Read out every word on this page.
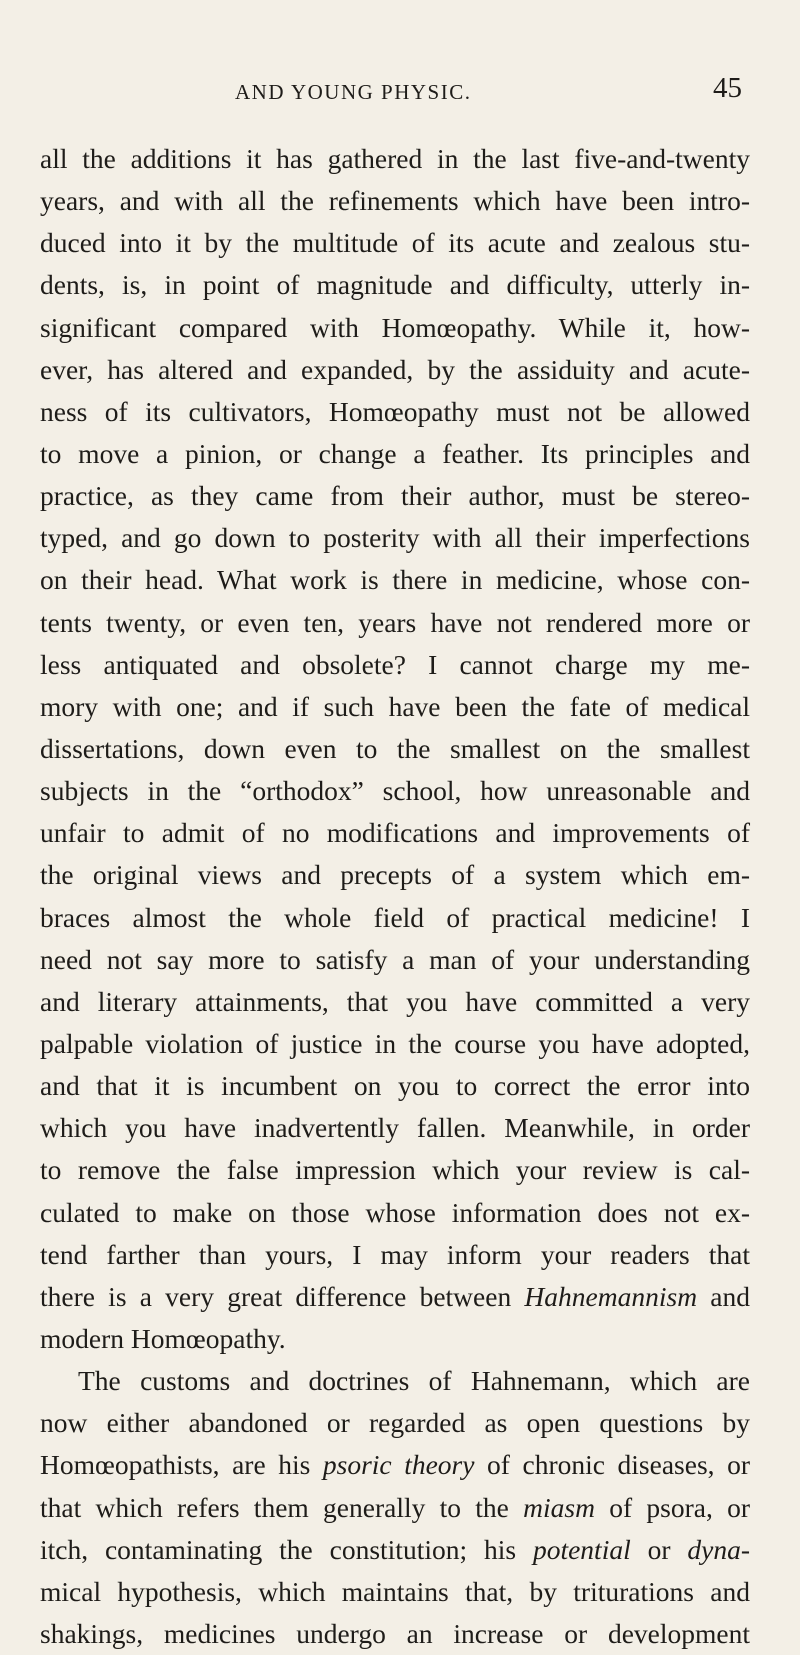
AND YOUNG PHYSIC.	45
all the additions it has gathered in the last five-and-twenty
years, and with all the refinements which have been intro-
duced into it by the multitude of its acute and zealous stu-
dents, is, in point of magnitude and difficulty, utterly in-
significant compared with Homœopathy. While it, how-
ever, has altered and expanded, by the assiduity and acute-
ness of its cultivators, Homœopathy must not be allowed
to move a pinion, or change a feather. Its principles and
practice, as they came from their author, must be stereo-
typed, and go down to posterity with all their imperfections
on their head. What work is there in medicine, whose con-
tents twenty, or even ten, years have not rendered more or
less antiquated and obsolete? I cannot charge my me-
mory with one; and if such have been the fate of medical
dissertations, down even to the smallest on the smallest
subjects in the “orthodox” school, how unreasonable and
unfair to admit of no modifications and improvements of
the original views and precepts of a system which em-
braces almost the whole field of practical medicine! I
need not say more to satisfy a man of your understanding
and literary attainments, that you have committed a very
palpable violation of justice in the course you have adopted,
and that it is incumbent on you to correct the error into
which you have inadvertently fallen. Meanwhile, in order
to remove the false impression which your review is cal-
culated to make on those whose information does not ex-
tend farther than yours, I may inform your readers that
there is a very great difference between Hahnemannism and
modern Homœopathy.
The customs and doctrines of Hahnemann, which are
now either abandoned or regarded as open questions by
Homœopathists, are his psoric theory of chronic diseases, or
that which refers them generally to the miasm of psora, or
itch, contaminating the constitution; his potential or dyna-
mical hypothesis, which maintains that, by triturations and
shakings, medicines undergo an increase or development
